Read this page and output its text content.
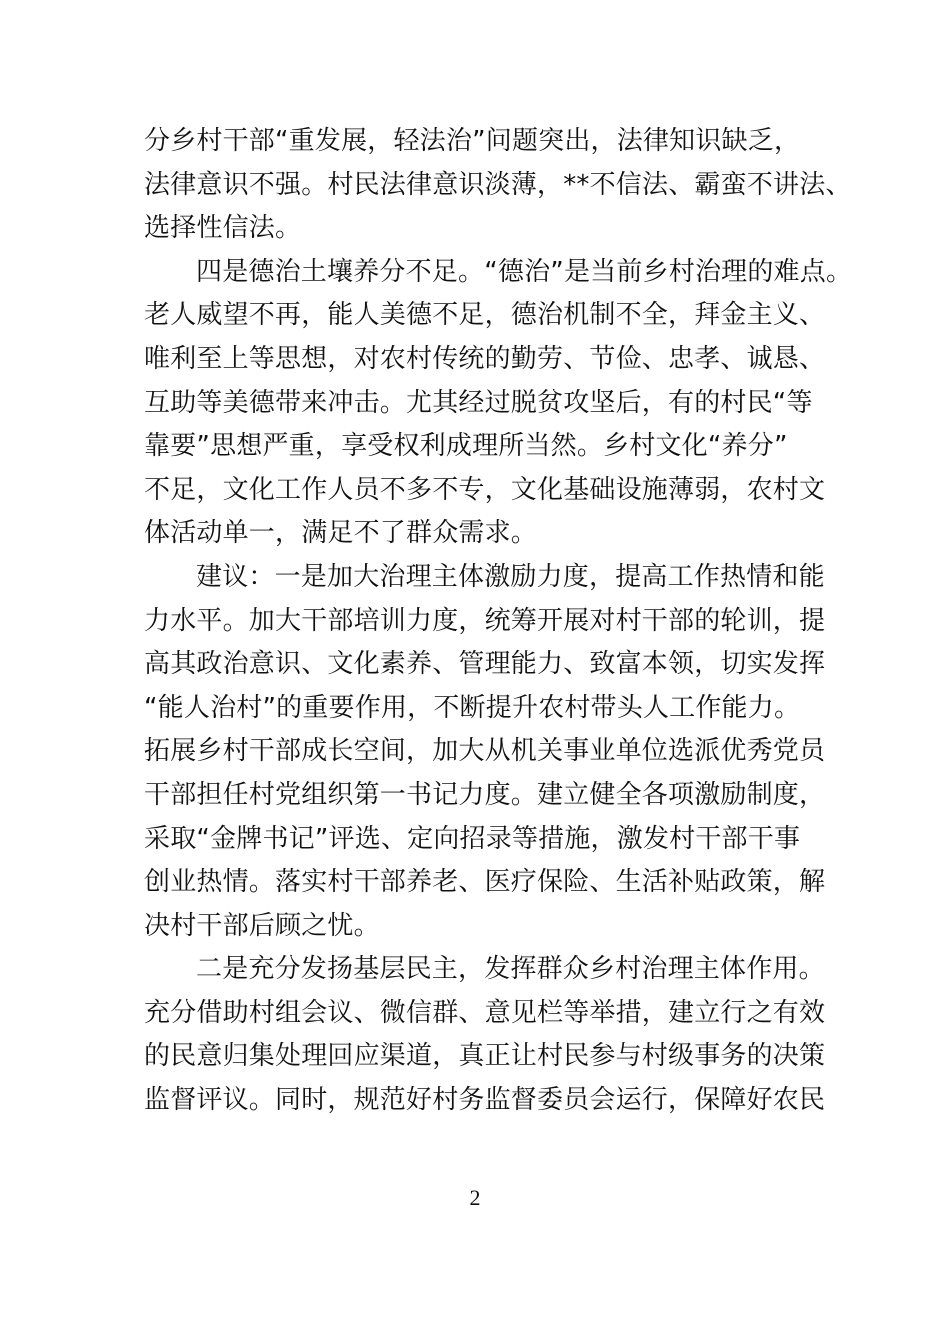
分乡村干部“重发展，轻法治”问题突出，法律知识缺乏，
法律意识不强。村民法律意识淡薄，**不信法、霸蛮不讲法、
选择性信法。
四是德治土壤养分不足。“德治”是当前乡村治理的难点。
老人威望不再，能人美德不足，德治机制不全，拜金主义、
唯利至上等思想，对农村传统的勤劳、节俭、忠孝、诚恳、
互助等美德带来冲击。尤其经过脱贫攻坚后，有的村民“等
靠要”思想严重，享受权利成理所当然。乡村文化“养分”
不足，文化工作人员不多不专，文化基础设施薄弱，农村文
体活动单一，满足不了群众需求。
建议：一是加大治理主体激励力度，提高工作热情和能
力水平。加大干部培训力度，统筹开展对村干部的轮训，提
高其政治意识、文化素养、管理能力、致富本领，切实发挥
“能人治村”的重要作用，不断提升农村带头人工作能力。
拓展乡村干部成长空间，加大从机关事业单位选派优秀党员
干部担任村党组织第一书记力度。建立健全各项激励制度，
采取“金牌书记”评选、定向招录等措施，激发村干部干事
创业热情。落实村干部养老、医疗保险、生活补贴政策，解
决村干部后顾之忧。
二是充分发扬基层民主，发挥群众乡村治理主体作用。
充分借助村组会议、微信群、意见栏等举措，建立行之有效
的民意归集处理回应渠道，真正让村民参与村级事务的决策
监督评议。同时，规范好村务监督委员会运行，保障好农民
2
